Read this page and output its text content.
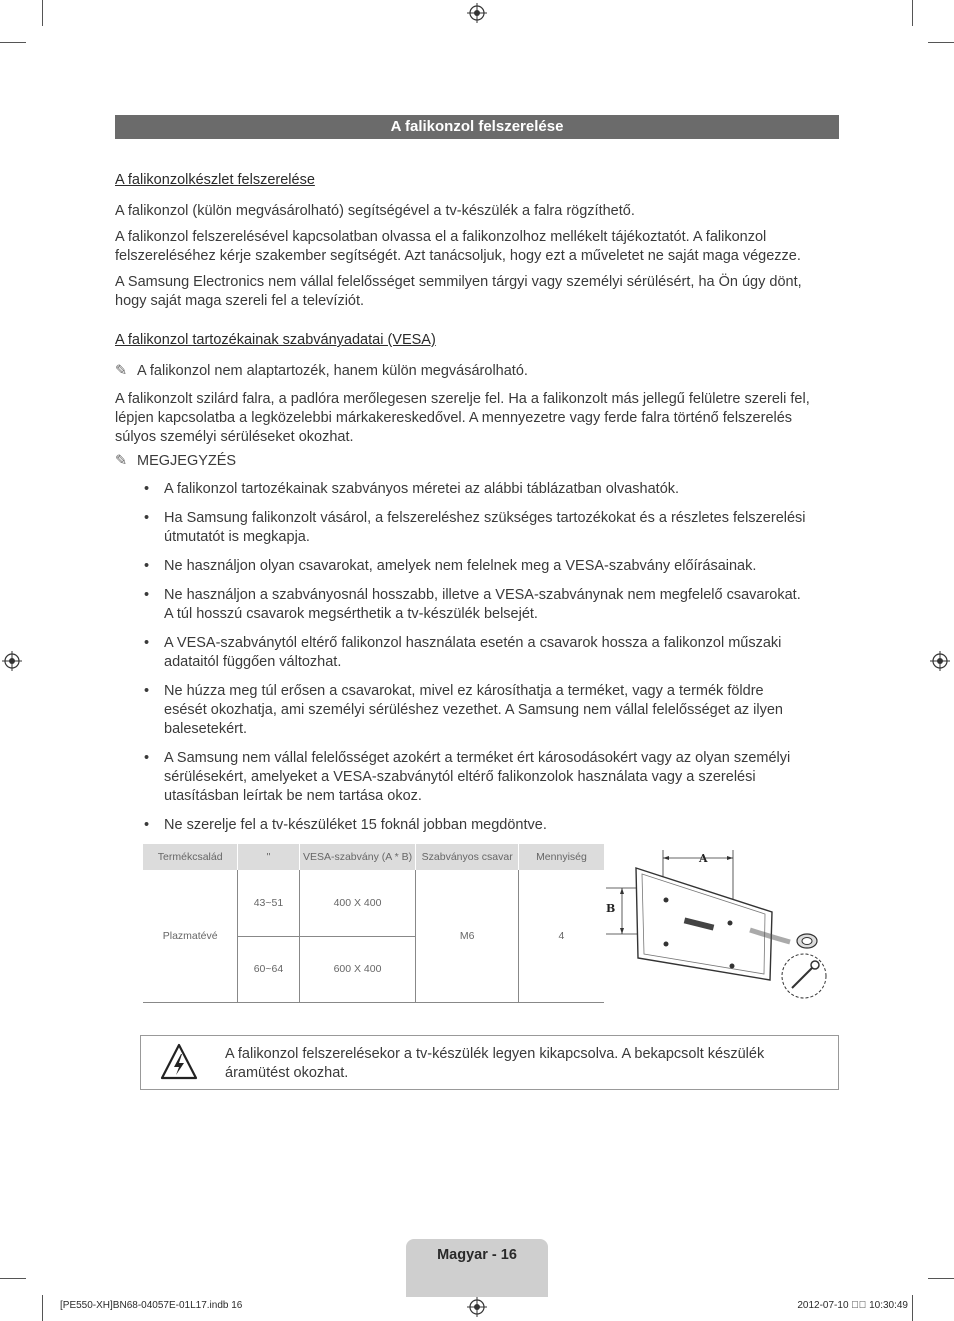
A falikonzol felszerelése
A falikonzolkészlet felszerelése
A falikonzol (külön megvásárolható) segítségével a tv-készülék a falra rögzíthető.
A falikonzol felszerelésével kapcsolatban olvassa el a falikonzolhoz mellékelt tájékoztatót. A falikonzol
felszereléséhez kérje szakember segítségét. Azt tanácsoljuk, hogy ezt a műveletet ne saját maga végezze.
A Samsung Electronics nem vállal felelősséget semmilyen tárgyi vagy személyi sérülésért, ha Ön úgy dönt,
hogy saját maga szereli fel a televíziót.
A falikonzol tartozékainak szabványadatai (VESA)
✎ A falikonzol nem alaptartozék, hanem külön megvásárolható.
A falikonzolt szilárd falra, a padlóra merőlegesen szerelje fel. Ha a falikonzolt más jellegű felületre szereli fel,
lépjen kapcsolatba a legközelebbi márkakereskedővel. A mennyezetre vagy ferde falra történő felszerelés
súlyos személyi sérüléseket okozhat.
✎ MEGJEGYZÉS
• A falikonzol tartozékainak szabványos méretei az alábbi táblázatban olvashatók.
• Ha Samsung falikonzolt vásárol, a felszereléshez szükséges tartozékokat és a részletes felszerelési
útmutatót is megkapja.
• Ne használjon olyan csavarokat, amelyek nem felelnek meg a VESA-szabvány előírásainak.
• Ne használjon a szabványosnál hosszabb, illetve a VESA-szabványnak nem megfelelő csavarokat.
A túl hosszú csavarok megsérthetik a tv-készülék belsejét.
• A VESA-szabványtól eltérő falikonzol használata esetén a csavarok hossza a falikonzol műszaki
adataitól függően változhat.
• Ne húzza meg túl erősen a csavarokat, mivel ez károsíthatja a terméket, vagy a termék földre
esését okozhatja, ami személyi sérüléshez vezethet. A Samsung nem vállal felelősséget az ilyen
balesetekért.
• A Samsung nem vállal felelősséget azokért a terméket ért károsodásokért vagy az olyan személyi
sérülésekért, amelyeket a VESA-szabványtól eltérő falikonzolok használata vagy a szerelési
utasításban leírtak be nem tartása okoz.
• Ne szerelje fel a tv-készüléket 15 foknál jobban megdöntve.
Termékcsalád	"	VESA-szabvány (A * B)	Szabványos csavar	Mennyiség
Plazmatévé	43~51	400 X 400	M6	4
	60~64	600 X 400		
A
B
A falikonzol felszerelésekor a tv-készülék legyen kikapcsolva. A bekapcsolt készülék
áramütést okozhat.
Magyar - 16
[PE550-XH]BN68-04057E-01L17.indb 16	2012-07-10 ￿￿ 10:30:49
